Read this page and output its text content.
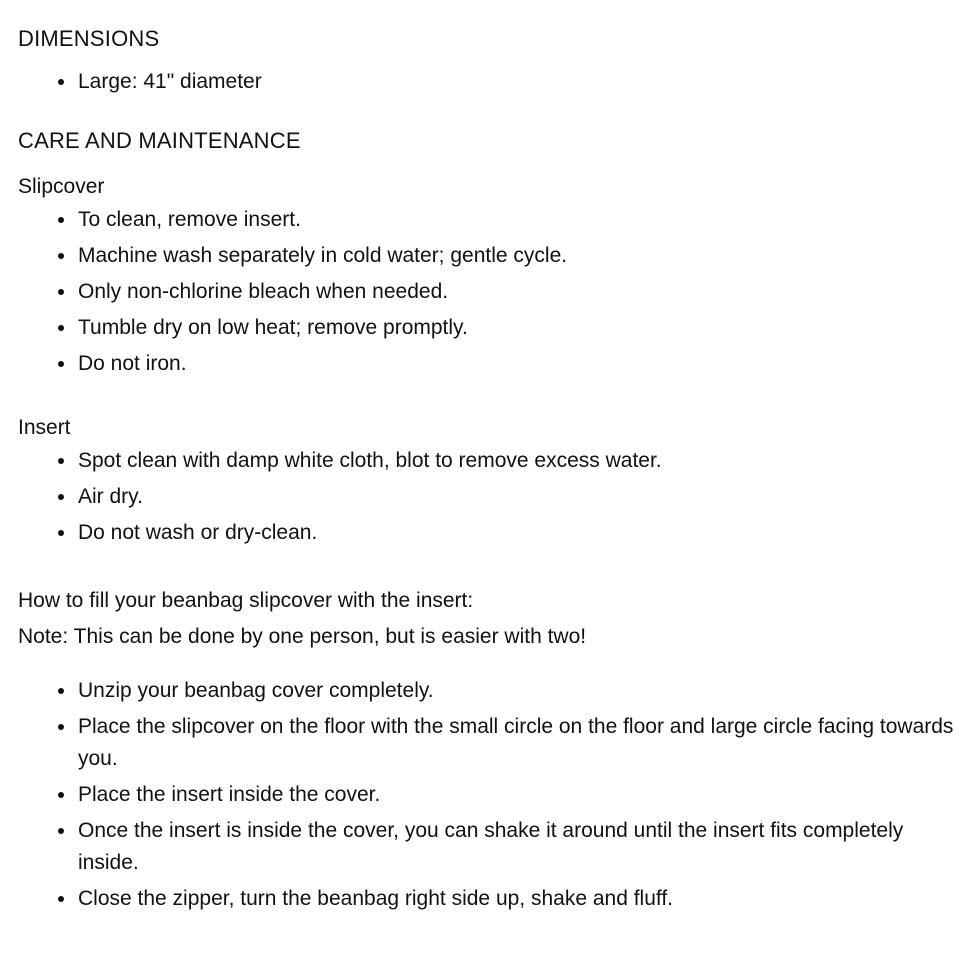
DIMENSIONS
Large: 41" diameter
CARE AND MAINTENANCE

Slipcover

To clean, remove insert.
Machine wash separately in cold water; gentle cycle.
Only non-chlorine bleach when needed.
Tumble dry on low heat; remove promptly.
Do not iron.

Insert

Spot clean with damp white cloth, blot to remove excess water.
Air dry.
Do not wash or dry-clean.

How to fill your beanbag slipcover with the insert:

Note: This can be done by one person, but is easier with two!

Unzip your beanbag cover completely.
Place the slipcover on the floor with the small circle on the floor and large circle facing towards you.
Place the insert inside the cover.
Once the insert is inside the cover, you can shake it around until the insert fits completely inside.
Close the zipper, turn the beanbag right side up, shake and fluff.
